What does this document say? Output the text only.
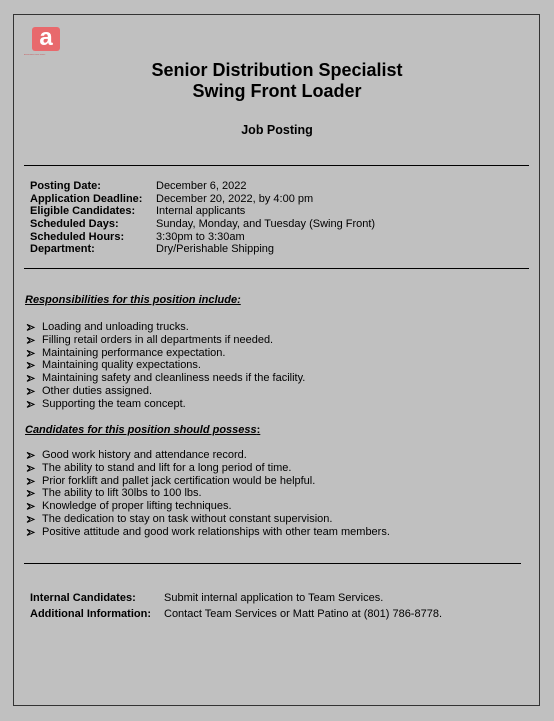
a
Associated Food Stores
Senior Distribution Specialist
Swing Front Loader
Job Posting
Posting Date:	December 6, 2022
Application Deadline: December 20, 2022, by 4:00 pm
Eligible Candidates: Internal applicants
Scheduled Days:	Sunday, Monday, and Tuesday (Swing Front)
Scheduled Hours:	3:30pm to 3:30am
Department:	Dry/Perishable Shipping
Responsibilities for this position include:
Loading and unloading trucks.
Filling retail orders in all departments if needed.
Maintaining performance expectation.
Maintaining quality expectations.
Maintaining safety and cleanliness needs if the facility.
Other duties assigned.
Supporting the team concept.
Candidates for this position should possess:
Good work history and attendance record.
The ability to stand and lift for a long period of time.
Prior forklift and pallet jack certification would be helpful.
The ability to lift 30lbs to 100 lbs.
Knowledge of proper lifting techniques.
The dedication to stay on task without constant supervision.
Positive attitude and good work relationships with other team members.
Internal Candidates:	Submit internal application to Team Services.
Additional Information: Contact Team Services or Matt Patino at (801) 786-8778.
